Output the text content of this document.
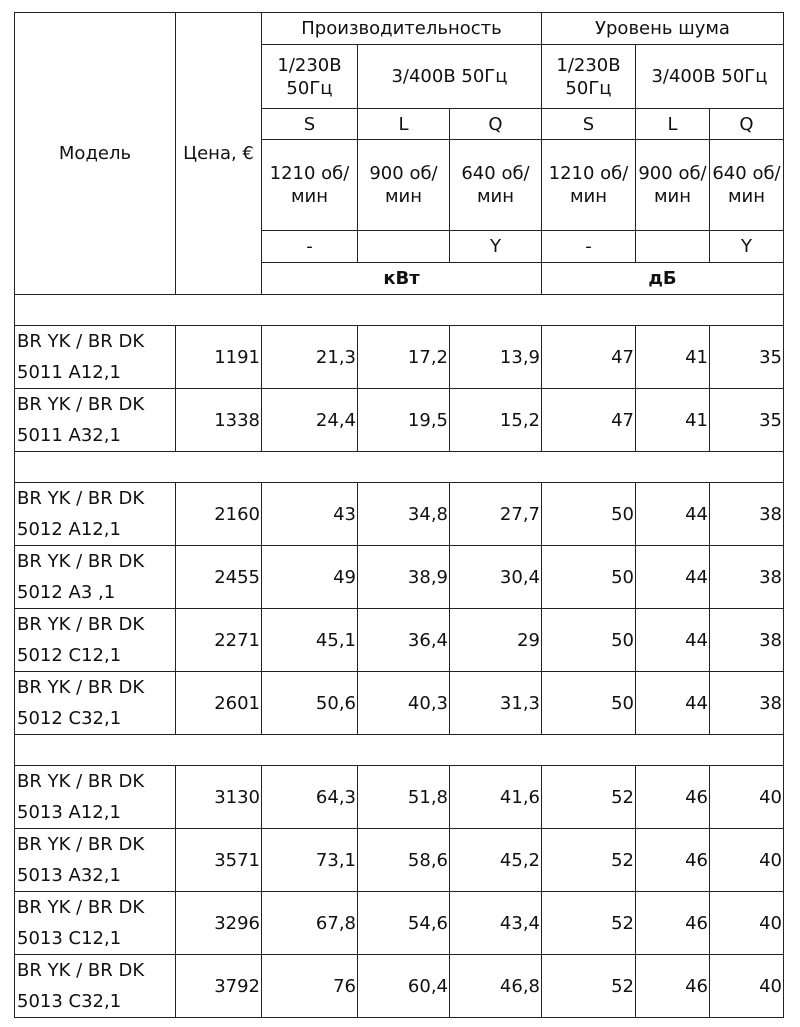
Модель	Цена, €	Производительность			Уровень шума		
		1/230В 50Гц	3/400В 50Гц		1/230В 50Гц	3/400В 50Гц	
		S	L	Q	S	L	Q
		1210 об/мин	900 об/мин	640 об/мин	1210 об/мин	900 об/мин	640 об/мин
		-		Y	-		Y
		кВт			дБ		

BR YK / BR DK 5011 A12,1	1191	21,3	17,2	13,9	47	41	35
BR YK / BR DK 5011 A32,1	1338	24,4	19,5	15,2	47	41	35

BR YK / BR DK 5012 A12,1	2160	43	34,8	27,7	50	44	38
BR YK / BR DK 5012 A3 ,1	2455	49	38,9	30,4	50	44	38
BR YK / BR DK 5012 C12,1	2271	45,1	36,4	29	50	44	38
BR YK / BR DK 5012 C32,1	2601	50,6	40,3	31,3	50	44	38

BR YK / BR DK 5013 A12,1	3130	64,3	51,8	41,6	52	46	40
BR YK / BR DK 5013 A32,1	3571	73,1	58,6	45,2	52	46	40
BR YK / BR DK 5013 C12,1	3296	67,8	54,6	43,4	52	46	40
BR YK / BR DK 5013 C32,1	3792	76	60,4	46,8	52	46	40
